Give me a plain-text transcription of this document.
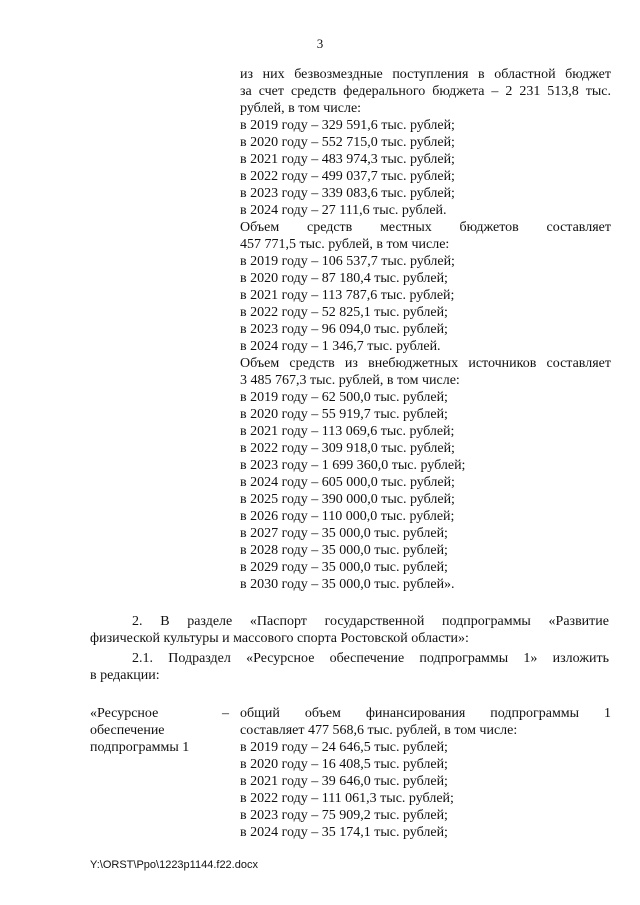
3
из них безвозмездные поступления в областной бюджет
за счет средств федерального бюджета – 2 231 513,8 тыс.
рублей, в том числе:
в 2019 году – 329 591,6 тыс. рублей;
в 2020 году – 552 715,0 тыс. рублей;
в 2021 году – 483 974,3 тыс. рублей;
в 2022 году – 499 037,7 тыс. рублей;
в 2023 году – 339 083,6 тыс. рублей;
в 2024 году – 27 111,6 тыс. рублей.
Объем средств местных бюджетов составляет
457 771,5 тыс. рублей, в том числе:
в 2019 году – 106 537,7 тыс. рублей;
в 2020 году – 87 180,4 тыс. рублей;
в 2021 году – 113 787,6 тыс. рублей;
в 2022 году – 52 825,1 тыс. рублей;
в 2023 году – 96 094,0 тыс. рублей;
в 2024 году – 1 346,7 тыс. рублей.
Объем средств из внебюджетных источников составляет
3 485 767,3 тыс. рублей, в том числе:
в 2019 году – 62 500,0 тыс. рублей;
в 2020 году – 55 919,7 тыс. рублей;
в 2021 году – 113 069,6 тыс. рублей;
в 2022 году – 309 918,0 тыс. рублей;
в 2023 году – 1 699 360,0 тыс. рублей;
в 2024 году – 605 000,0 тыс. рублей;
в 2025 году – 390 000,0 тыс. рублей;
в 2026 году – 110 000,0 тыс. рублей;
в 2027 году – 35 000,0 тыс. рублей;
в 2028 году – 35 000,0 тыс. рублей;
в 2029 году – 35 000,0 тыс. рублей;
в 2030 году – 35 000,0 тыс. рублей».
2. В разделе «Паспорт государственной подпрограммы «Развитие
физической культуры и массового спорта Ростовской области»:
2.1. Подраздел «Ресурсное обеспечение подпрограммы 1» изложить
в редакции:
«Ресурсное
обеспечение
подпрограммы 1
– общий объем финансирования подпрограммы 1
составляет 477 568,6 тыс. рублей, в том числе:
в 2019 году – 24 646,5 тыс. рублей;
в 2020 году – 16 408,5 тыс. рублей;
в 2021 году – 39 646,0 тыс. рублей;
в 2022 году – 111 061,3 тыс. рублей;
в 2023 году – 75 909,2 тыс. рублей;
в 2024 году – 35 174,1 тыс. рублей;
Y:\ORST\Ppo\1223p1144.f22.docx
